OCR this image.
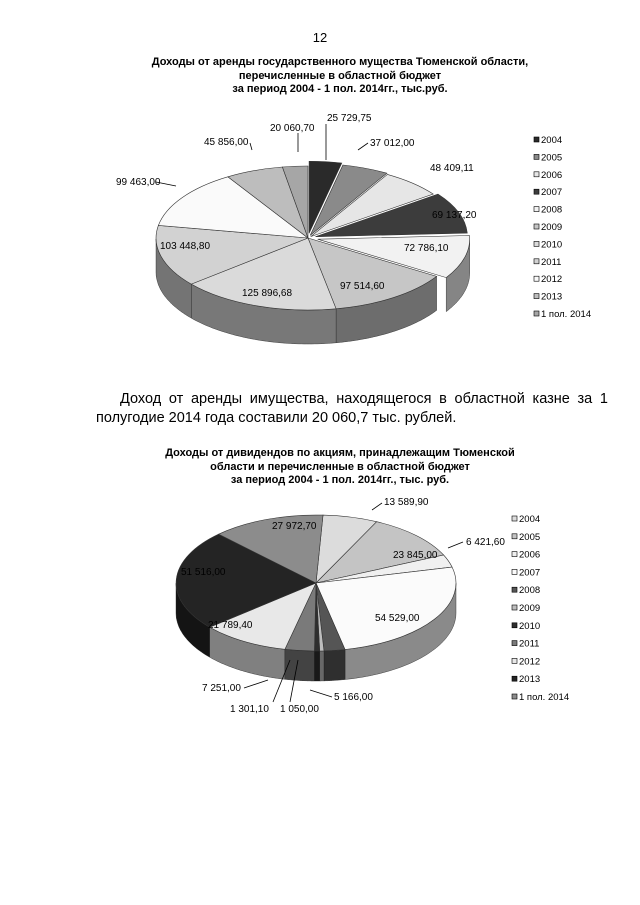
12
Доходы от аренды государственного мущества Тюменской области,
перечисленные в областной бюджет
за период 2004 - 1 пол. 2014гг., тыс.руб.
25 729,75
37 012,00
48 409,11
69 137,20
72 786,10
97 514,60
125 896,68
103 448,80
99 463,00
45 856,00
20 060,70
2004
2005
2006
2007
2008
2009
2010
2011
2012
2013
1 пол. 2014
Доход от аренды имущества, находящегося в областной казне за 1
полугодие 2014 года составили 20 060,7 тыс. рублей.
Доходы от дивидендов по акциям, принадлежащим Тюменской
области и перечисленные в областной бюджет
за период 2004 - 1 пол. 2014гг., тыс. руб.
13 589,90
23 845,00
6 421,60
54 529,00
5 166,00
1 050,00
1 301,10
7 251,00
21 789,40
51 516,00
27 972,70
2004
2005
2006
2007
2008
2009
2010
2011
2012
2013
1 пол. 2014
